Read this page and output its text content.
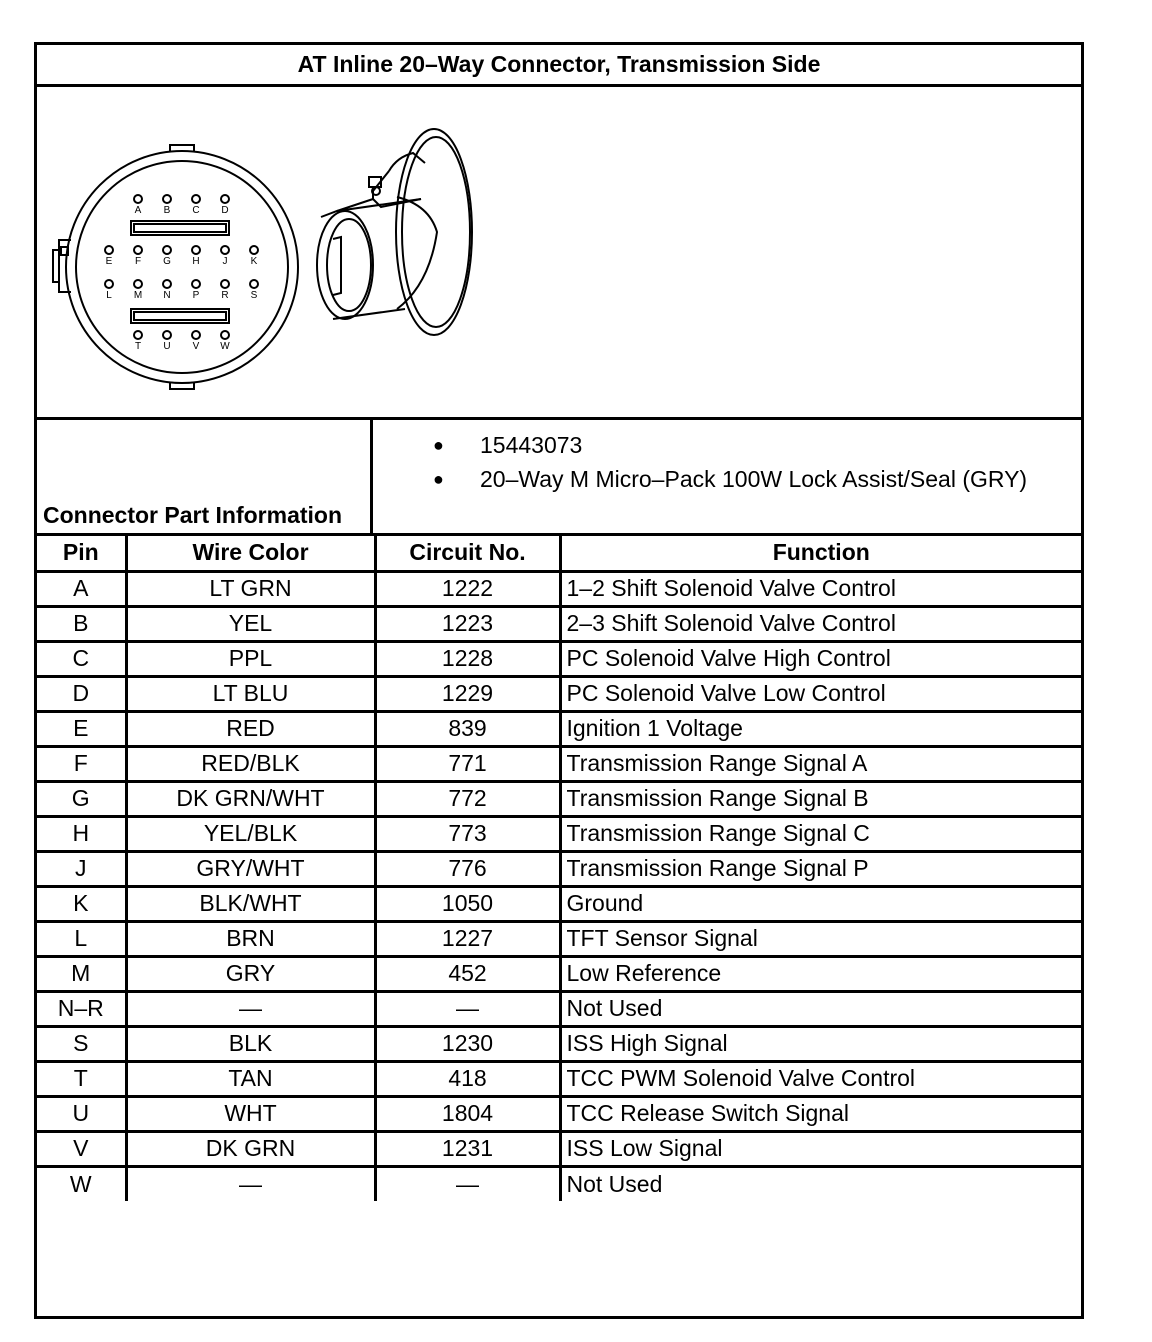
AT Inline 20–Way Connector, Transmission Side
A B C D
E F G H J K
L M N P R S
T U V W
Connector Part Information
● 15443073
● 20–Way M Micro–Pack 100W Lock Assist/Seal (GRY)
Pin	Wire Color	Circuit No.	Function
A	LT GRN	1222	1–2 Shift Solenoid Valve Control
B	YEL	1223	2–3 Shift Solenoid Valve Control
C	PPL	1228	PC Solenoid Valve High Control
D	LT BLU	1229	PC Solenoid Valve Low Control
E	RED	839	Ignition 1 Voltage
F	RED/BLK	771	Transmission Range Signal A
G	DK GRN/WHT	772	Transmission Range Signal B
H	YEL/BLK	773	Transmission Range Signal C
J	GRY/WHT	776	Transmission Range Signal P
K	BLK/WHT	1050	Ground
L	BRN	1227	TFT Sensor Signal
M	GRY	452	Low Reference
N–R	—	—	Not Used
S	BLK	1230	ISS High Signal
T	TAN	418	TCC PWM Solenoid Valve Control
U	WHT	1804	TCC Release Switch Signal
V	DK GRN	1231	ISS Low Signal
W	—	—	Not Used
